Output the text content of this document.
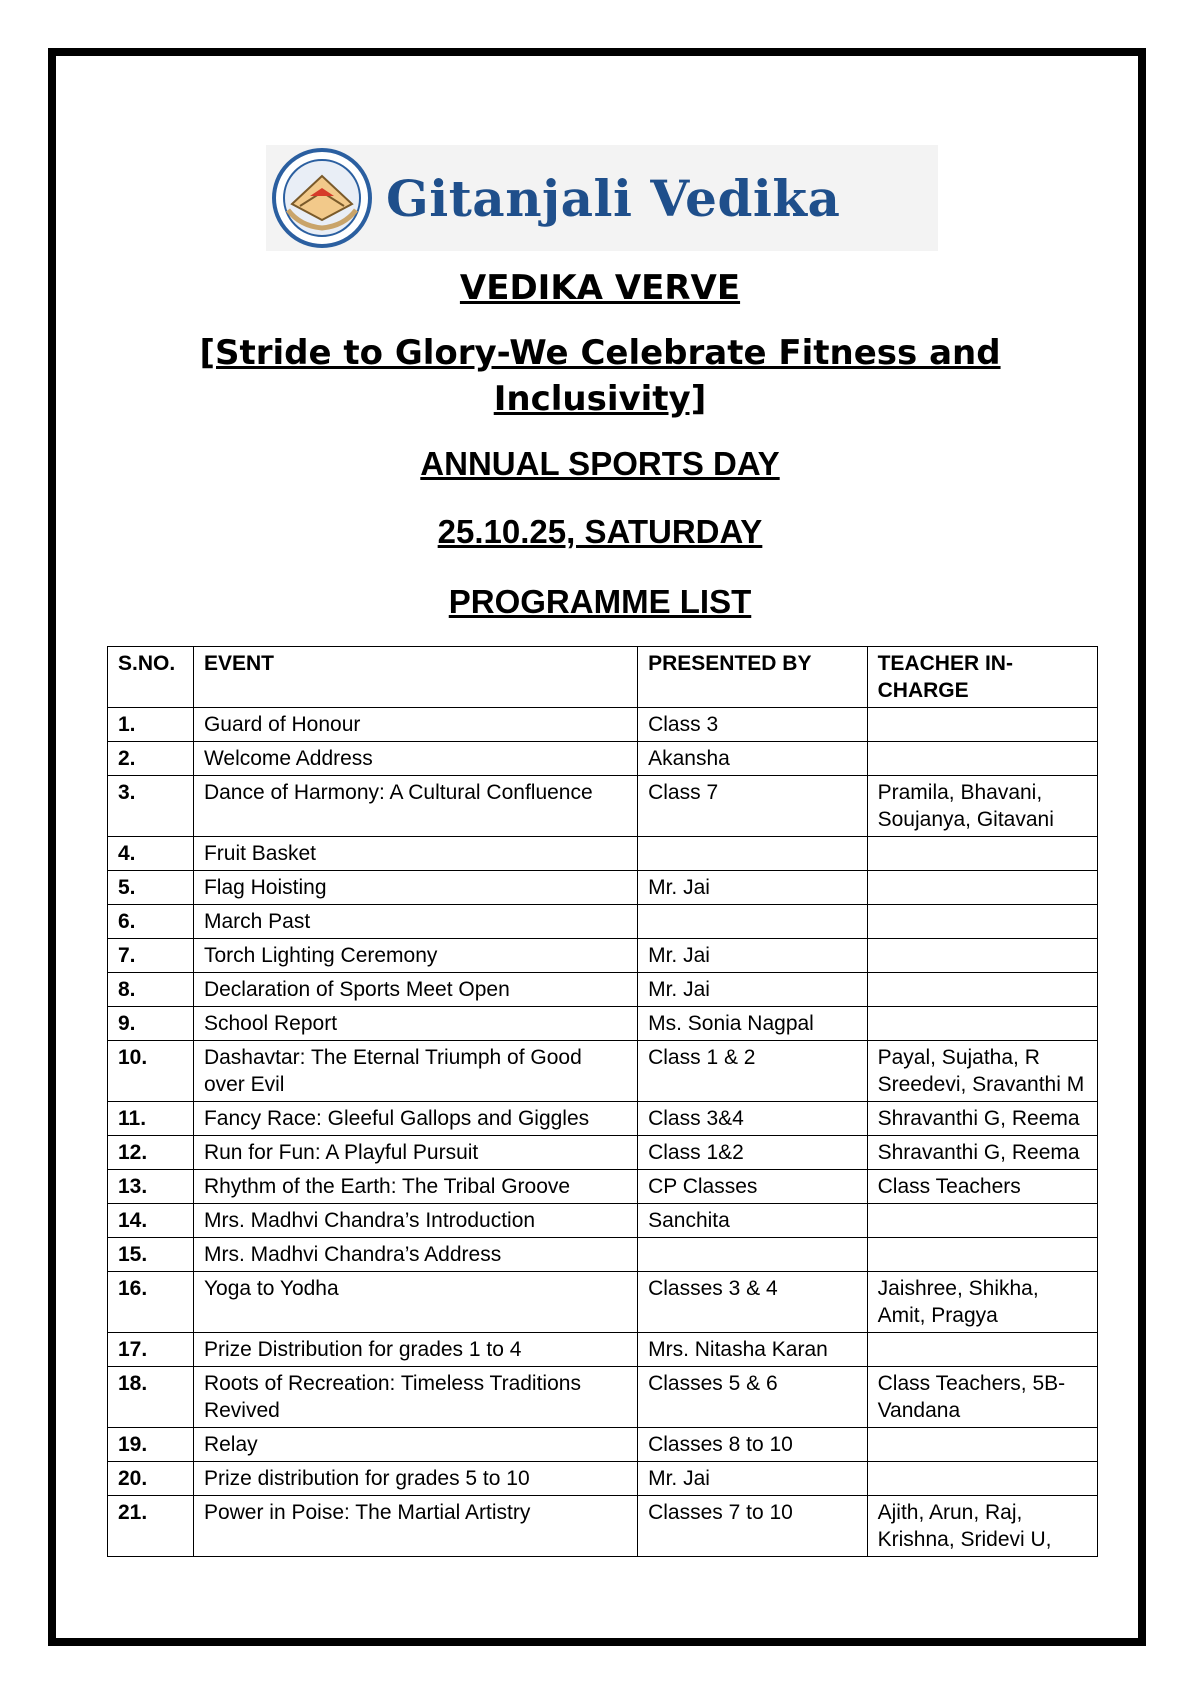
Gitanjali Vedika
VEDIKA VERVE
[Stride to Glory-We Celebrate Fitness and Inclusivity]
ANNUAL SPORTS DAY
25.10.25, SATURDAY
PROGRAMME LIST
S.NO.	EVENT	PRESENTED BY	TEACHER IN-CHARGE
1.	Guard of Honour	Class 3	
2.	Welcome Address	Akansha	
3.	Dance of Harmony: A Cultural Confluence	Class 7	Pramila, Bhavani, Soujanya, Gitavani
4.	Fruit Basket		
5.	Flag Hoisting	Mr. Jai	
6.	March Past		
7.	Torch Lighting Ceremony	Mr. Jai	
8.	Declaration of Sports Meet Open	Mr. Jai	
9.	School Report	Ms. Sonia Nagpal	
10.	Dashavtar: The Eternal Triumph of Good over Evil	Class 1 & 2	Payal, Sujatha, R Sreedevi, Sravanthi M
11.	Fancy Race: Gleeful Gallops and Giggles	Class 3&4	Shravanthi G, Reema
12.	Run for Fun: A Playful Pursuit	Class 1&2	Shravanthi G, Reema
13.	Rhythm of the Earth: The Tribal Groove	CP Classes	Class Teachers
14.	Mrs. Madhvi Chandra’s Introduction	Sanchita	
15.	Mrs. Madhvi Chandra’s Address		
16.	Yoga to Yodha	Classes 3 & 4	Jaishree, Shikha, Amit, Pragya
17.	Prize Distribution for grades 1 to 4	Mrs. Nitasha Karan	
18.	Roots of Recreation: Timeless Traditions Revived	Classes 5 & 6	Class Teachers, 5B-Vandana
19.	Relay	Classes 8 to 10	
20.	Prize distribution for grades 5 to 10	Mr. Jai	
21.	Power in Poise: The Martial Artistry	Classes 7 to 10	Ajith, Arun, Raj, Krishna, Sridevi U,
